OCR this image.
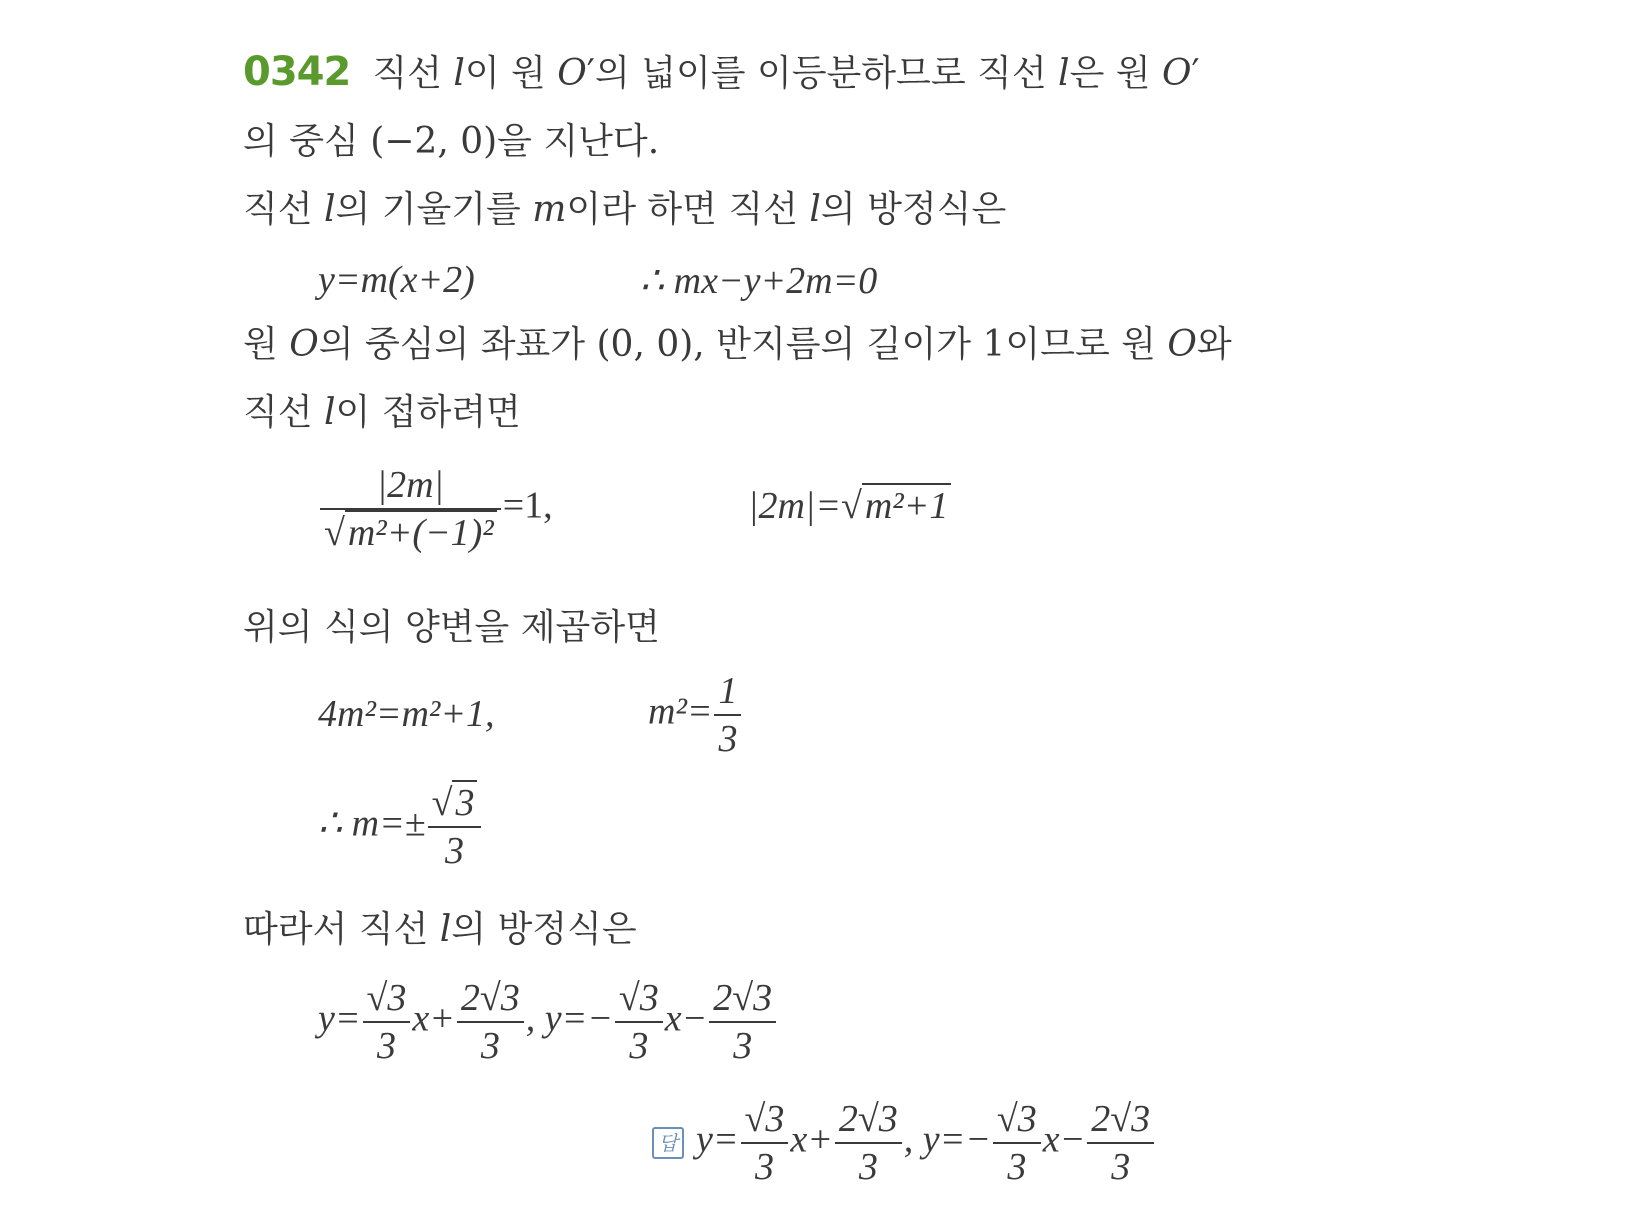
0342 직선 𝑙이 원 𝑂′의 넓이를 이등분하므로 직선 𝑙은 원 𝑂′
의 중심 (−2, 0)을 지난다.
직선 𝑙의 기울기를 𝑚이라 하면 직선 𝑙의 방정식은
y=m(x+2)	∴ mx−y+2m=0
원 𝑂의 중심의 좌표가 (0, 0), 반지름의 길이가 1이므로 원 𝑂와
직선 𝑙이 접하려면
$\frac{|2m|}{\text{√m²+(−1)²}} =1$,	|2m|=√m²+1
위의 식의 양변을 제곱하면
4m²=m²+1,	$m^2= \frac{1}{3}$
∴ $m=\pm \frac{√3}{3}$
따라서 직선 𝑙의 방정식은
$y= \frac{√3}{3} x+ \frac{2√3}{3}$ , $y=- \frac{√3}{3} x- \frac{2√3}{3}$
답 $y= \frac{√3}{3} x+ \frac{2√3}{3}$ , $y=- \frac{√3}{3} x- \frac{2√3}{3}$
